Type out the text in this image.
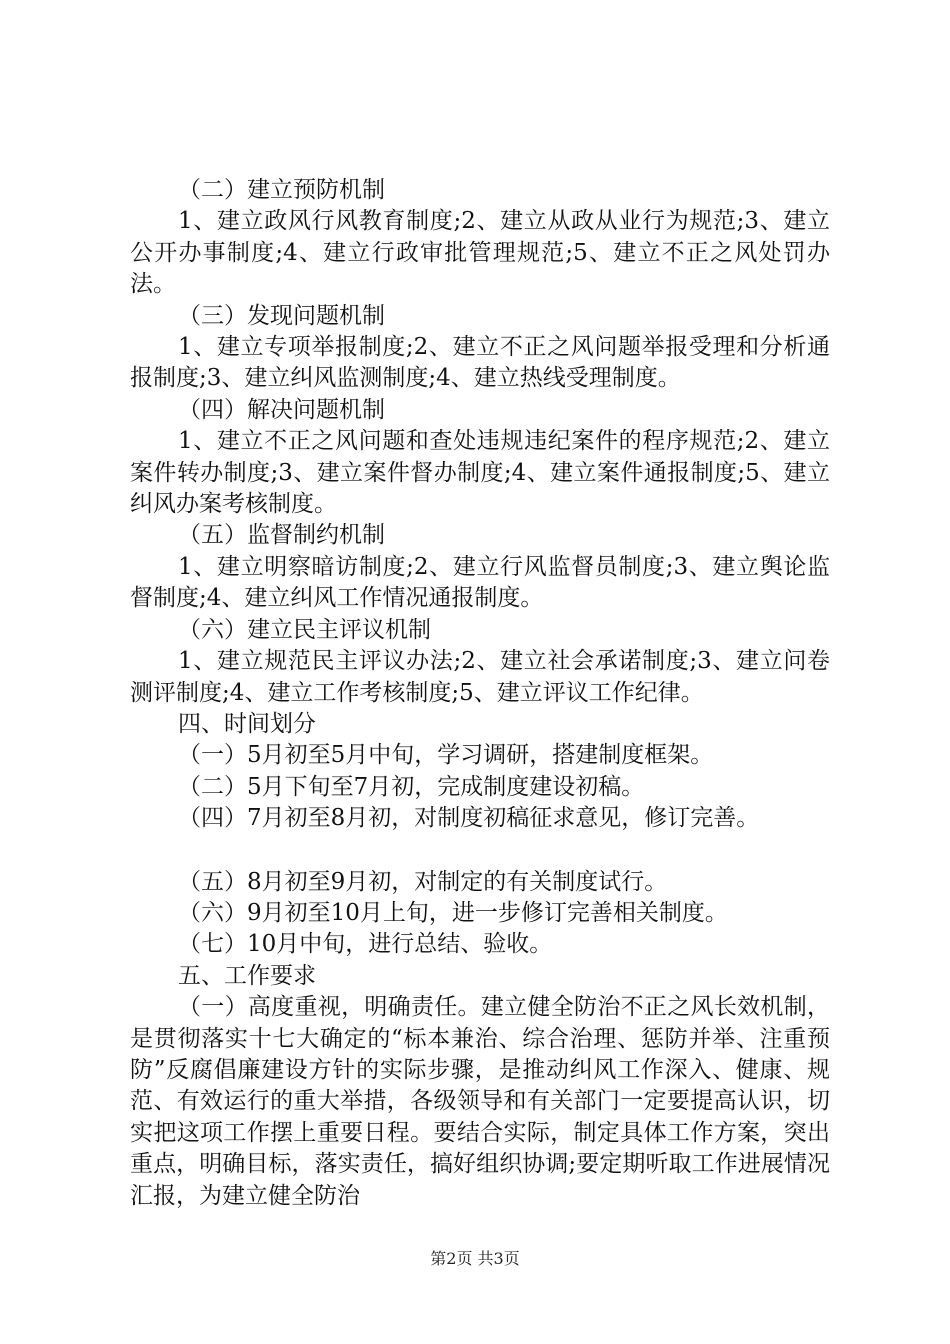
（二）建立预防机制

1、建立政风行风教育制度;2、建立从政从业行为规范;3、建立公开办事制度;4、建立行政审批管理规范;5、建立不正之风处罚办法。

（三）发现问题机制

1、建立专项举报制度;2、建立不正之风问题举报受理和分析通报制度;3、建立纠风监测制度;4、建立热线受理制度。

（四）解决问题机制

1、建立不正之风问题和查处违规违纪案件的程序规范;2、建立案件转办制度;3、建立案件督办制度;4、建立案件通报制度;5、建立纠风办案考核制度。

（五）监督制约机制

1、建立明察暗访制度;2、建立行风监督员制度;3、建立舆论监督制度;4、建立纠风工作情况通报制度。

（六）建立民主评议机制

1、建立规范民主评议办法;2、建立社会承诺制度;3、建立问卷测评制度;4、建立工作考核制度;5、建立评议工作纪律。

四、时间划分

（一）5月初至5月中旬，学习调研，搭建制度框架。

（二）5月下旬至7月初，完成制度建设初稿。

（四）7月初至8月初，对制度初稿征求意见，修订完善。

（五）8月初至9月初，对制定的有关制度试行。

（六）9月初至10月上旬，进一步修订完善相关制度。

（七）10月中旬，进行总结、验收。

五、工作要求

（一）高度重视，明确责任。建立健全防治不正之风长效机制，是贯彻落实十七大确定的“标本兼治、综合治理、惩防并举、注重预防”反腐倡廉建设方针的实际步骤，是推动纠风工作深入、健康、规范、有效运行的重大举措，各级领导和有关部门一定要提高认识，切实把这项工作摆上重要日程。要结合实际，制定具体工作方案，突出重点，明确目标，落实责任，搞好组织协调;要定期听取工作进展情况汇报，为建立健全防治

第2页 共3页
